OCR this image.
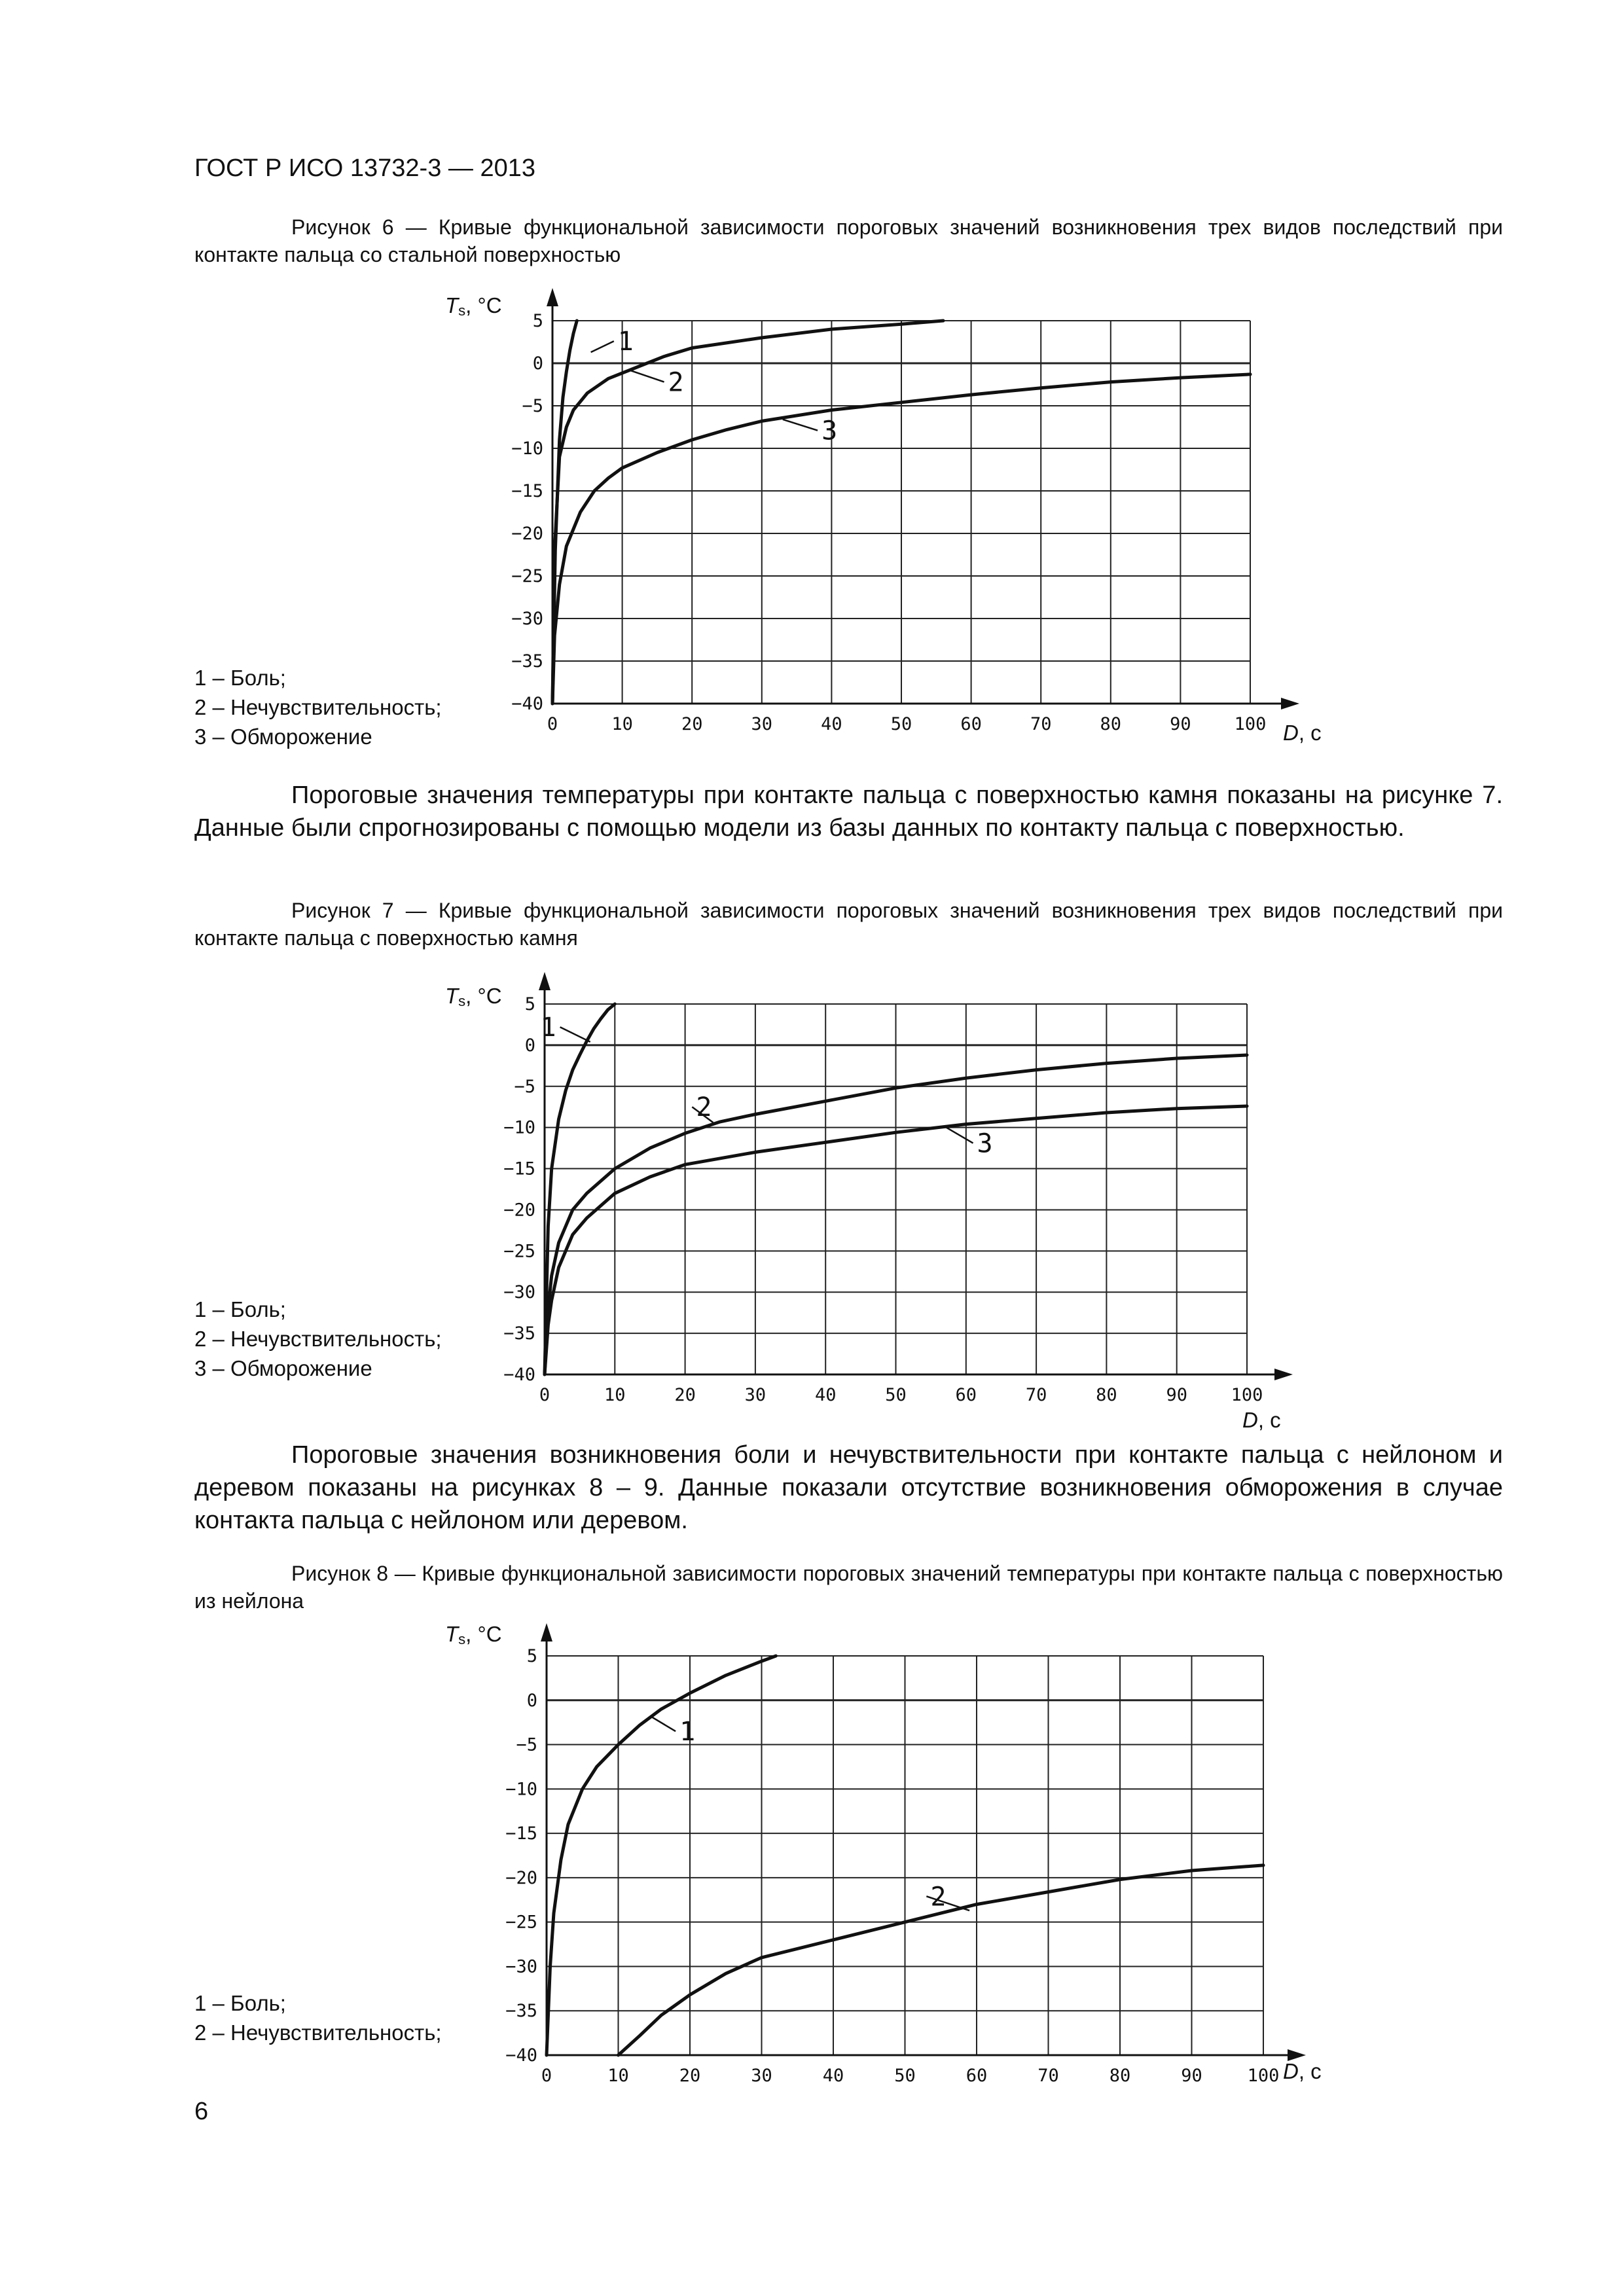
ГОСТ Р ИСО 13732-3 — 2013
Рисунок 6 — Кривые функциональной зависимости пороговых значений возникновения трех видов последствий при контакте пальца со стальной поверхностью
$T_s$, °C
D, с
1 – Боль;
2 – Нечувствительность;
3 – Обморожение
Пороговые значения температуры при контакте пальца с поверхностью камня показаны на рисунке 7. Данные были спрогнозированы с помощью модели из базы данных по контакту пальца с поверхностью.
Рисунок 7 — Кривые функциональной зависимости пороговых значений возникновения трех видов последствий при контакте пальца с поверхностью камня
$T_s$, °C
D, с
1 – Боль;
2 – Нечувствительность;
3 – Обморожение
Пороговые значения возникновения боли и нечувствительности при контакте пальца с нейлоном и деревом показаны на рисунках 8 – 9. Данные показали отсутствие возникновения обморожения в случае контакта пальца с нейлоном или деревом.
Рисунок 8 — Кривые функциональной зависимости пороговых значений температуры при контакте пальца с поверхностью из нейлона
$T_s$, °C
D, с
1 – Боль;
2 – Нечувствительность;
6
5
0
−5
−10
−15
−20
−25
−30
−35
−40
0	10	20	30	40	50	60	70	80	90 100
1
2
3
5
0
−5
−10
−15
−20
−25
−30
−35
−40
0	10	20	30	40	50	60	70	80	90 100
1
2
3
5
0
−5
−10
−15
−20
−25
−30
−35
−40
0	10	20	30	40	50	60	70	80	90	100
1
2
